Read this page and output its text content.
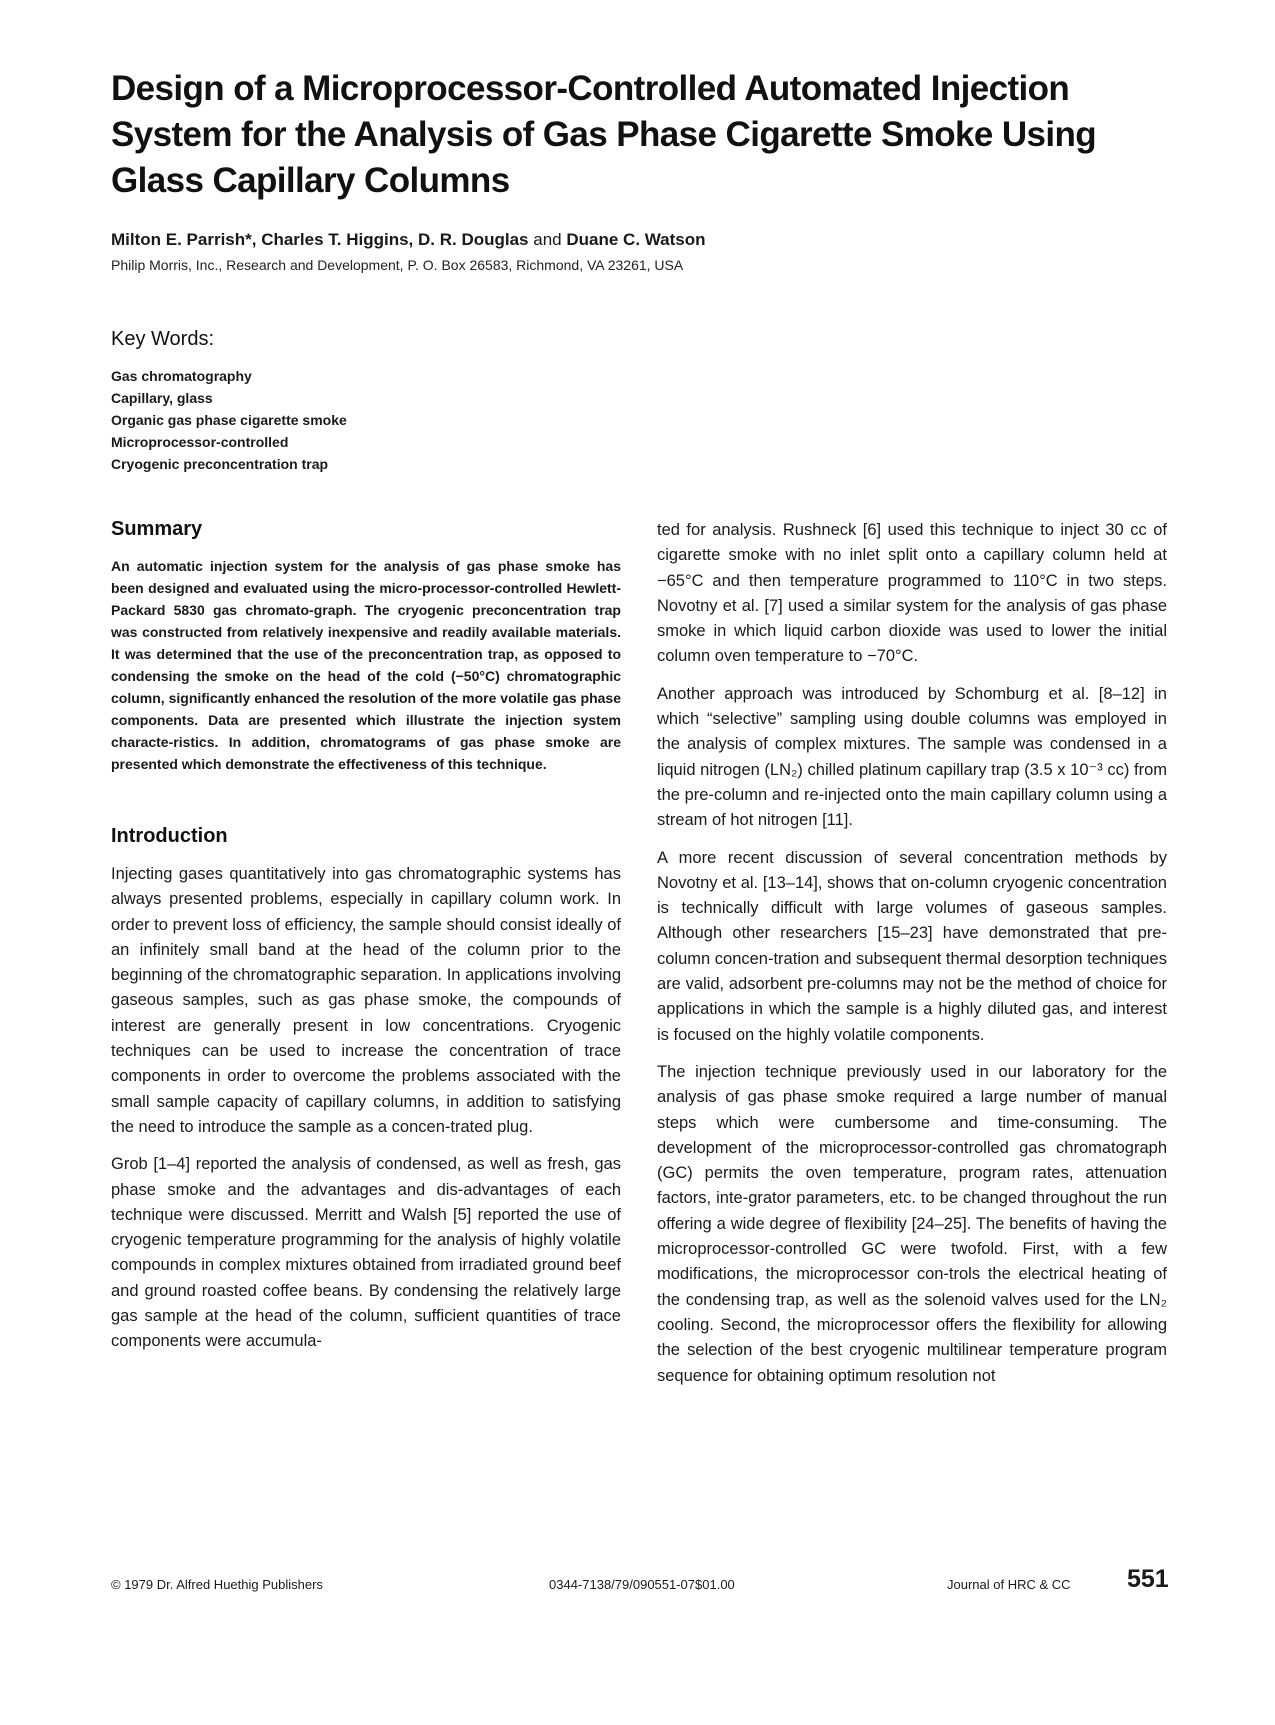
Design of a Microprocessor-Controlled Automated Injection System for the Analysis of Gas Phase Cigarette Smoke Using Glass Capillary Columns
Milton E. Parrish*, Charles T. Higgins, D. R. Douglas and Duane C. Watson
Philip Morris, Inc., Research and Development, P. O. Box 26583, Richmond, VA 23261, USA
Key Words:
Gas chromatography
Capillary, glass
Organic gas phase cigarette smoke
Microprocessor-controlled
Cryogenic preconcentration trap
Summary

An automatic injection system for the analysis of gas phase smoke has been designed and evaluated using the micro-processor-controlled Hewlett-Packard 5830 gas chromato-graph. The cryogenic preconcentration trap was constructed from relatively inexpensive and readily available materials. It was determined that the use of the preconcentration trap, as opposed to condensing the smoke on the head of the cold (−50°C) chromatographic column, significantly enhanced the resolution of the more volatile gas phase components. Data are presented which illustrate the injection system characte-ristics. In addition, chromatograms of gas phase smoke are presented which demonstrate the effectiveness of this technique.

Introduction

Injecting gases quantitatively into gas chromatographic systems has always presented problems, especially in capillary column work. In order to prevent loss of efficiency, the sample should consist ideally of an infinitely small band at the head of the column prior to the beginning of the chromatographic separation. In applications involving gaseous samples, such as gas phase smoke, the compounds of interest are generally present in low concentrations. Cryogenic techniques can be used to increase the concentration of trace components in order to overcome the problems associated with the small sample capacity of capillary columns, in addition to satisfying the need to introduce the sample as a concen-trated plug.

Grob [1–4] reported the analysis of condensed, as well as fresh, gas phase smoke and the advantages and dis-advantages of each technique were discussed. Merritt and Walsh [5] reported the use of cryogenic temperature programming for the analysis of highly volatile compounds in complex mixtures obtained from irradiated ground beef and ground roasted coffee beans. By condensing the relatively large gas sample at the head of the column, sufficient quantities of trace components were accumula-

ted for analysis. Rushneck [6] used this technique to inject 30 cc of cigarette smoke with no inlet split onto a capillary column held at −65°C and then temperature programmed to 110°C in two steps. Novotny et al. [7] used a similar system for the analysis of gas phase smoke in which liquid carbon dioxide was used to lower the initial column oven temperature to −70°C.

Another approach was introduced by Schomburg et al. [8–12] in which “selective” sampling using double columns was employed in the analysis of complex mixtures. The sample was condensed in a liquid nitrogen (LN₂) chilled platinum capillary trap (3.5 x 10⁻³ cc) from the pre-column and re-injected onto the main capillary column using a stream of hot nitrogen [11].

A more recent discussion of several concentration methods by Novotny et al. [13–14], shows that on-column cryogenic concentration is technically difficult with large volumes of gaseous samples. Although other researchers [15–23] have demonstrated that pre-column concen-tration and subsequent thermal desorption techniques are valid, adsorbent pre-columns may not be the method of choice for applications in which the sample is a highly diluted gas, and interest is focused on the highly volatile components.

The injection technique previously used in our laboratory for the analysis of gas phase smoke required a large number of manual steps which were cumbersome and time-consuming. The development of the microprocessor-controlled gas chromatograph (GC) permits the oven temperature, program rates, attenuation factors, inte-grator parameters, etc. to be changed throughout the run offering a wide degree of flexibility [24–25]. The benefits of having the microprocessor-controlled GC were twofold. First, with a few modifications, the microprocessor con-trols the electrical heating of the condensing trap, as well as the solenoid valves used for the LN₂ cooling. Second, the microprocessor offers the flexibility for allowing the selection of the best cryogenic multilinear temperature program sequence for obtaining optimum resolution not

© 1979 Dr. Alfred Huethig Publishers	0344-7138/79/090551-07$01.00	Journal of HRC & CC 551
